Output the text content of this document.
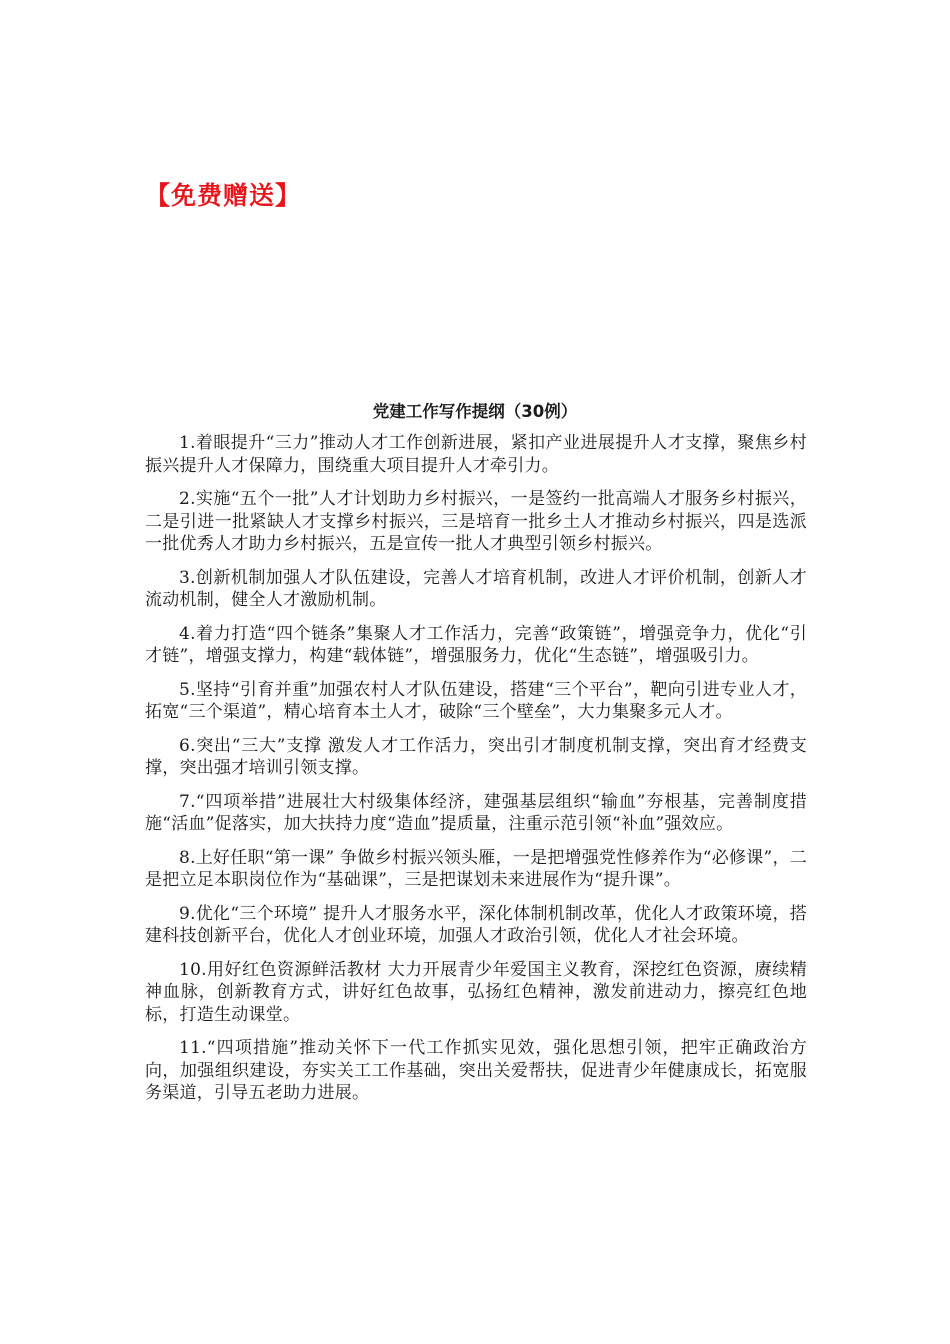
【免费赠送】
党建工作写作提纲（30例）

1.着眼提升“三力”推动人才工作创新进展，紧扣产业进展提升人才支撑，聚焦乡村振兴提升人才保障力，围绕重大项目提升人才牵引力。

2.实施“五个一批”人才计划助力乡村振兴，一是签约一批高端人才服务乡村振兴，二是引进一批紧缺人才支撑乡村振兴，三是培育一批乡土人才推动乡村振兴，四是选派一批优秀人才助力乡村振兴，五是宣传一批人才典型引领乡村振兴。

3.创新机制加强人才队伍建设，完善人才培育机制，改进人才评价机制，创新人才流动机制，健全人才激励机制。

4.着力打造“四个链条”集聚人才工作活力，完善“政策链”，增强竞争力，优化“引才链”，增强支撑力，构建“载体链”，增强服务力，优化“生态链”，增强吸引力。

5.坚持“引育并重”加强农村人才队伍建设，搭建“三个平台”，靶向引进专业人才，拓宽“三个渠道”，精心培育本土人才，破除“三个壁垒”，大力集聚多元人才。

6.突出“三大”支撑 激发人才工作活力，突出引才制度机制支撑，突出育才经费支撑，突出强才培训引领支撑。

7.“四项举措”进展壮大村级集体经济，建强基层组织“输血”夯根基，完善制度措施“活血”促落实，加大扶持力度“造血”提质量，注重示范引领“补血”强效应。

8.上好任职“第一课” 争做乡村振兴领头雁，一是把增强党性修养作为“必修课”，二是把立足本职岗位作为“基础课”，三是把谋划未来进展作为“提升课”。

9.优化“三个环境” 提升人才服务水平，深化体制机制改革，优化人才政策环境，搭建科技创新平台，优化人才创业环境，加强人才政治引领，优化人才社会环境。

10.用好红色资源鲜活教材 大力开展青少年爱国主义教育，深挖红色资源，赓续精神血脉，创新教育方式，讲好红色故事，弘扬红色精神，激发前进动力，擦亮红色地标，打造生动课堂。

11.“四项措施”推动关怀下一代工作抓实见效，强化思想引领，把牢正确政治方向，加强组织建设，夯实关工工作基础，突出关爱帮扶，促进青少年健康成长，拓宽服务渠道，引导五老助力进展。
